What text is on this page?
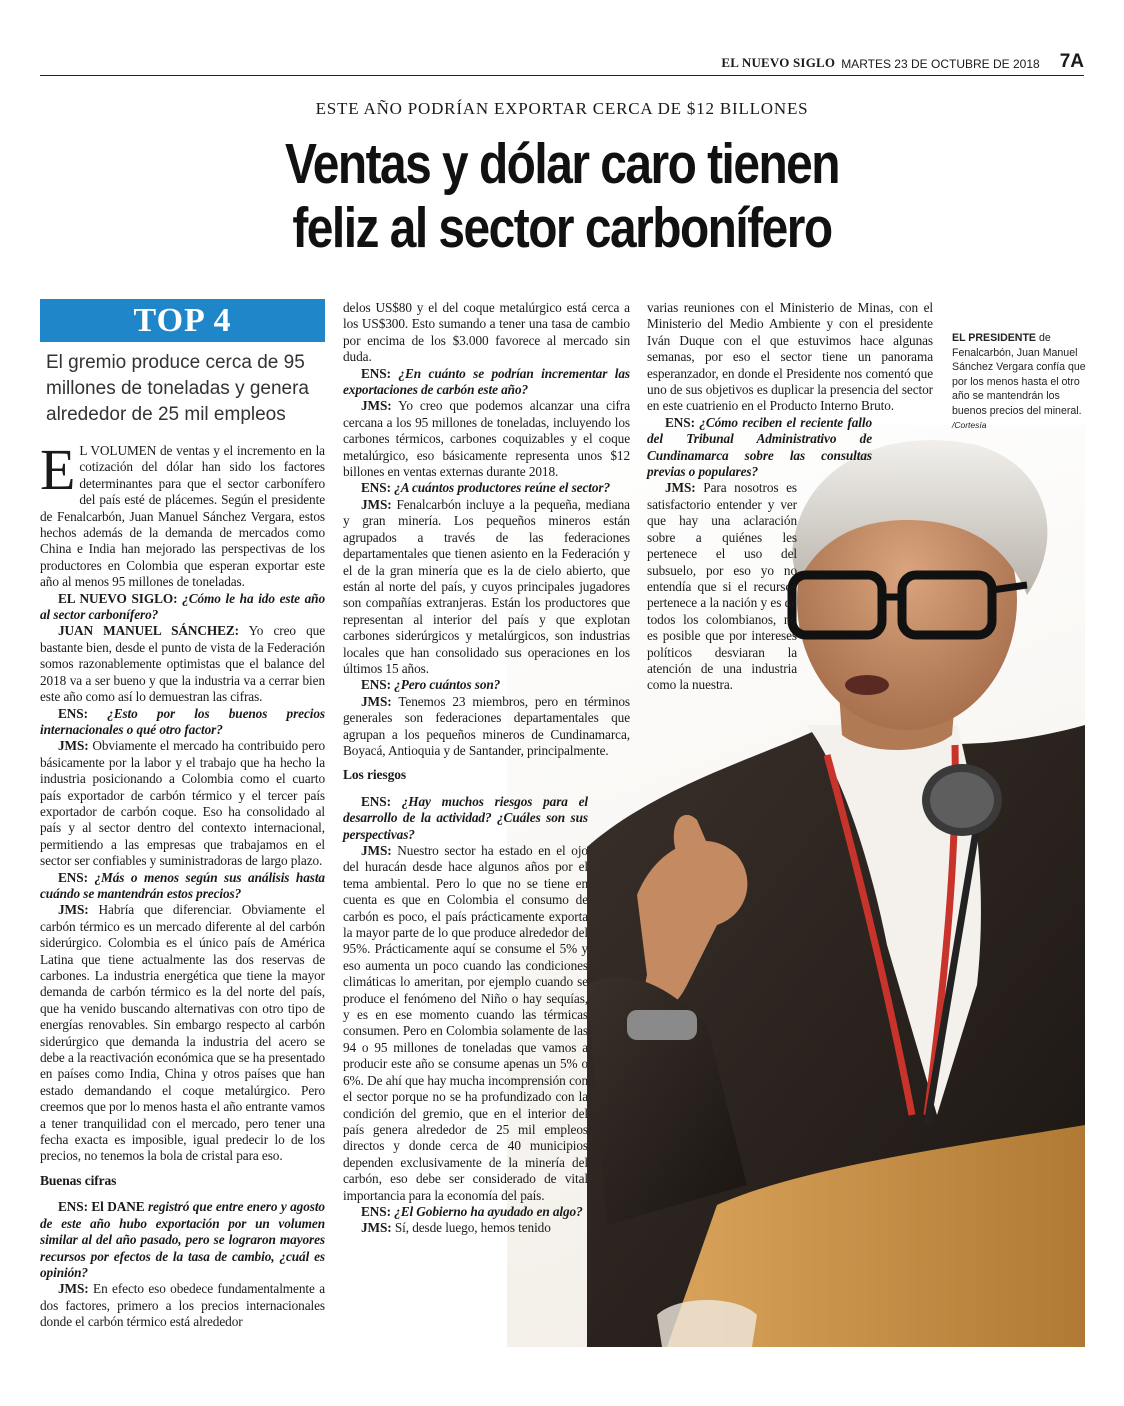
EL NUEVO SIGLO MARTES 23 DE OCTUBRE DE 2018 7A
ESTE AÑO PODRÍAN EXPORTAR CERCA DE $12 BILLONES
Ventas y dólar caro tienen
feliz al sector carbonífero
TOP 4
El gremio produce cerca de 95 millones de toneladas y genera alrededor de 25 mil empleos
EL PRESIDENTE de Fenalcarbón, Juan Manuel Sánchez Vergara confía que por los menos hasta el otro año se mantendrán los buenos precios del mineral. /Cortesía

E L VOLUMEN de ventas y el incremento en la cotización del dólar han sido los factores determinantes para que el sector carbonífero del país esté de plácemes. Según el presidente de Fenalcarbón, Juan Manuel Sánchez Vergara, estos hechos además de la demanda de mercados como China e India han mejorado las perspectivas de los productores en Colombia que esperan exportar este año al menos 95 millones de toneladas.

EL NUEVO SIGLO: ¿Cómo le ha ido este año al sector carbonífero?

JUAN MANUEL SÁNCHEZ: Yo creo que bastante bien, desde el punto de vista de la Federación somos razonablemente optimistas que el balance del 2018 va a ser bueno y que la industria va a cerrar bien este año como así lo demuestran las cifras.

ENS: ¿Esto por los buenos precios internacionales o qué otro factor?

JMS: Obviamente el mercado ha contribuido pero básicamente por la labor y el trabajo que ha hecho la industria posicionando a Colombia como el cuarto país exportador de carbón térmico y el tercer país exportador de carbón coque. Eso ha consolidado al país y al sector dentro del contexto internacional, permitiendo a las empresas que trabajamos en el sector ser confiables y suministradoras de largo plazo.

ENS: ¿Más o menos según sus análisis hasta cuándo se mantendrán estos precios?

JMS: Habría que diferenciar. Obviamente el carbón térmico es un mercado diferente al del carbón siderúrgico. Colombia es el único país de América Latina que tiene actualmente las dos reservas de carbones. La industria energética que tiene la mayor demanda de carbón térmico es la del norte del país, que ha venido buscando alternativas con otro tipo de energías renovables. Sin embargo respecto al carbón siderúrgico que demanda la industria del acero se debe a la reactivación económica que se ha presentado en países como India, China y otros países que han estado demandando el coque metalúrgico. Pero creemos que por lo menos hasta el año entrante vamos a tener tranquilidad con el mercado, pero tener una fecha exacta es imposible, igual predecir lo de los precios, no tenemos la bola de cristal para eso.

Buenas cifras

ENS: El DANE registró que entre enero y agosto de este año hubo exportación por un volumen similar al del año pasado, pero se lograron mayores recursos por efectos de la tasa de cambio, ¿cuál es opinión?

JMS: En efecto eso obedece fundamentalmente a dos factores, primero a los precios internacionales donde el carbón térmico está alrededor

delos US$80 y el del coque metalúrgico está cerca a los US$300. Esto sumando a tener una tasa de cambio por encima de los $3.000 favorece al mercado sin duda.

ENS: ¿En cuánto se podrían incrementar las exportaciones de carbón este año?

JMS: Yo creo que podemos alcanzar una cifra cercana a los 95 millones de toneladas, incluyendo los carbones térmicos, carbones coquizables y el coque metalúrgico, eso básicamente representa unos $12 billones en ventas externas durante 2018.

ENS: ¿A cuántos productores reúne el sector?

JMS: Fenalcarbón incluye a la pequeña, mediana y gran minería. Los pequeños mineros están agrupados a través de las federaciones departamentales que tienen asiento en la Federación y el de la gran minería que es la de cielo abierto, que están al norte del país, y cuyos principales jugadores son compañías extranjeras. Están los productores que representan al interior del país y que explotan carbones siderúrgicos y metalúrgicos, son industrias locales que han consolidado sus operaciones en los últimos 15 años.

ENS: ¿Pero cuántos son?

JMS: Tenemos 23 miembros, pero en términos generales son federaciones departamentales que agrupan a los pequeños mineros de Cundinamarca, Boyacá, Antioquia y de Santander, principalmente.

Los riesgos

ENS: ¿Hay muchos riesgos para el desarrollo de la actividad? ¿Cuáles son sus perspectivas?

JMS: Nuestro sector ha estado en el ojo del huracán desde hace algunos años por el tema ambiental. Pero lo que no se tiene en cuenta es que en Colombia el consumo de carbón es poco, el país prácticamente exporta la mayor parte de lo que produce alrededor del 95%. Prácticamente aquí se consume el 5% y eso aumenta un poco cuando las condiciones climáticas lo ameritan, por ejemplo cuando se produce el fenómeno del Niño o hay sequías, y es en ese momento cuando las térmicas consumen. Pero en Colombia solamente de las 94 o 95 millones de toneladas que vamos a producir este año se consume apenas un 5% o 6%. De ahí que hay mucha incomprensión con el sector porque no se ha profundizado con la condición del gremio, que en el interior del país genera alrededor de 25 mil empleos directos y donde cerca de 40 municipios dependen exclusivamente de la minería del carbón, eso debe ser considerado de vital importancia para la economía del país.

ENS: ¿El Gobierno ha ayudado en algo?

JMS: Sí, desde luego, hemos tenido

varias reuniones con el Ministerio de Minas, con el Ministerio del Medio Ambiente y con el presidente Iván Duque con el que estuvimos hace algunas semanas, por eso el sector tiene un panorama esperanzador, en donde el Presidente nos comentó que uno de sus objetivos es duplicar la presencia del sector en este cuatrienio en el Producto Interno Bruto.

ENS: ¿Cómo reciben el reciente fallo del Tribunal Administrativo de Cundinamarca sobre las consultas previas o populares?

JMS: Para nosotros es satisfactorio entender y ver que hay una aclaración sobre a quiénes les pertenece el uso del subsuelo, por eso yo no entendía que si el recursos pertenece a la nación y es de todos los colombianos, no es posible que por intereses políticos desviaran la atención de una industria como la nuestra.
